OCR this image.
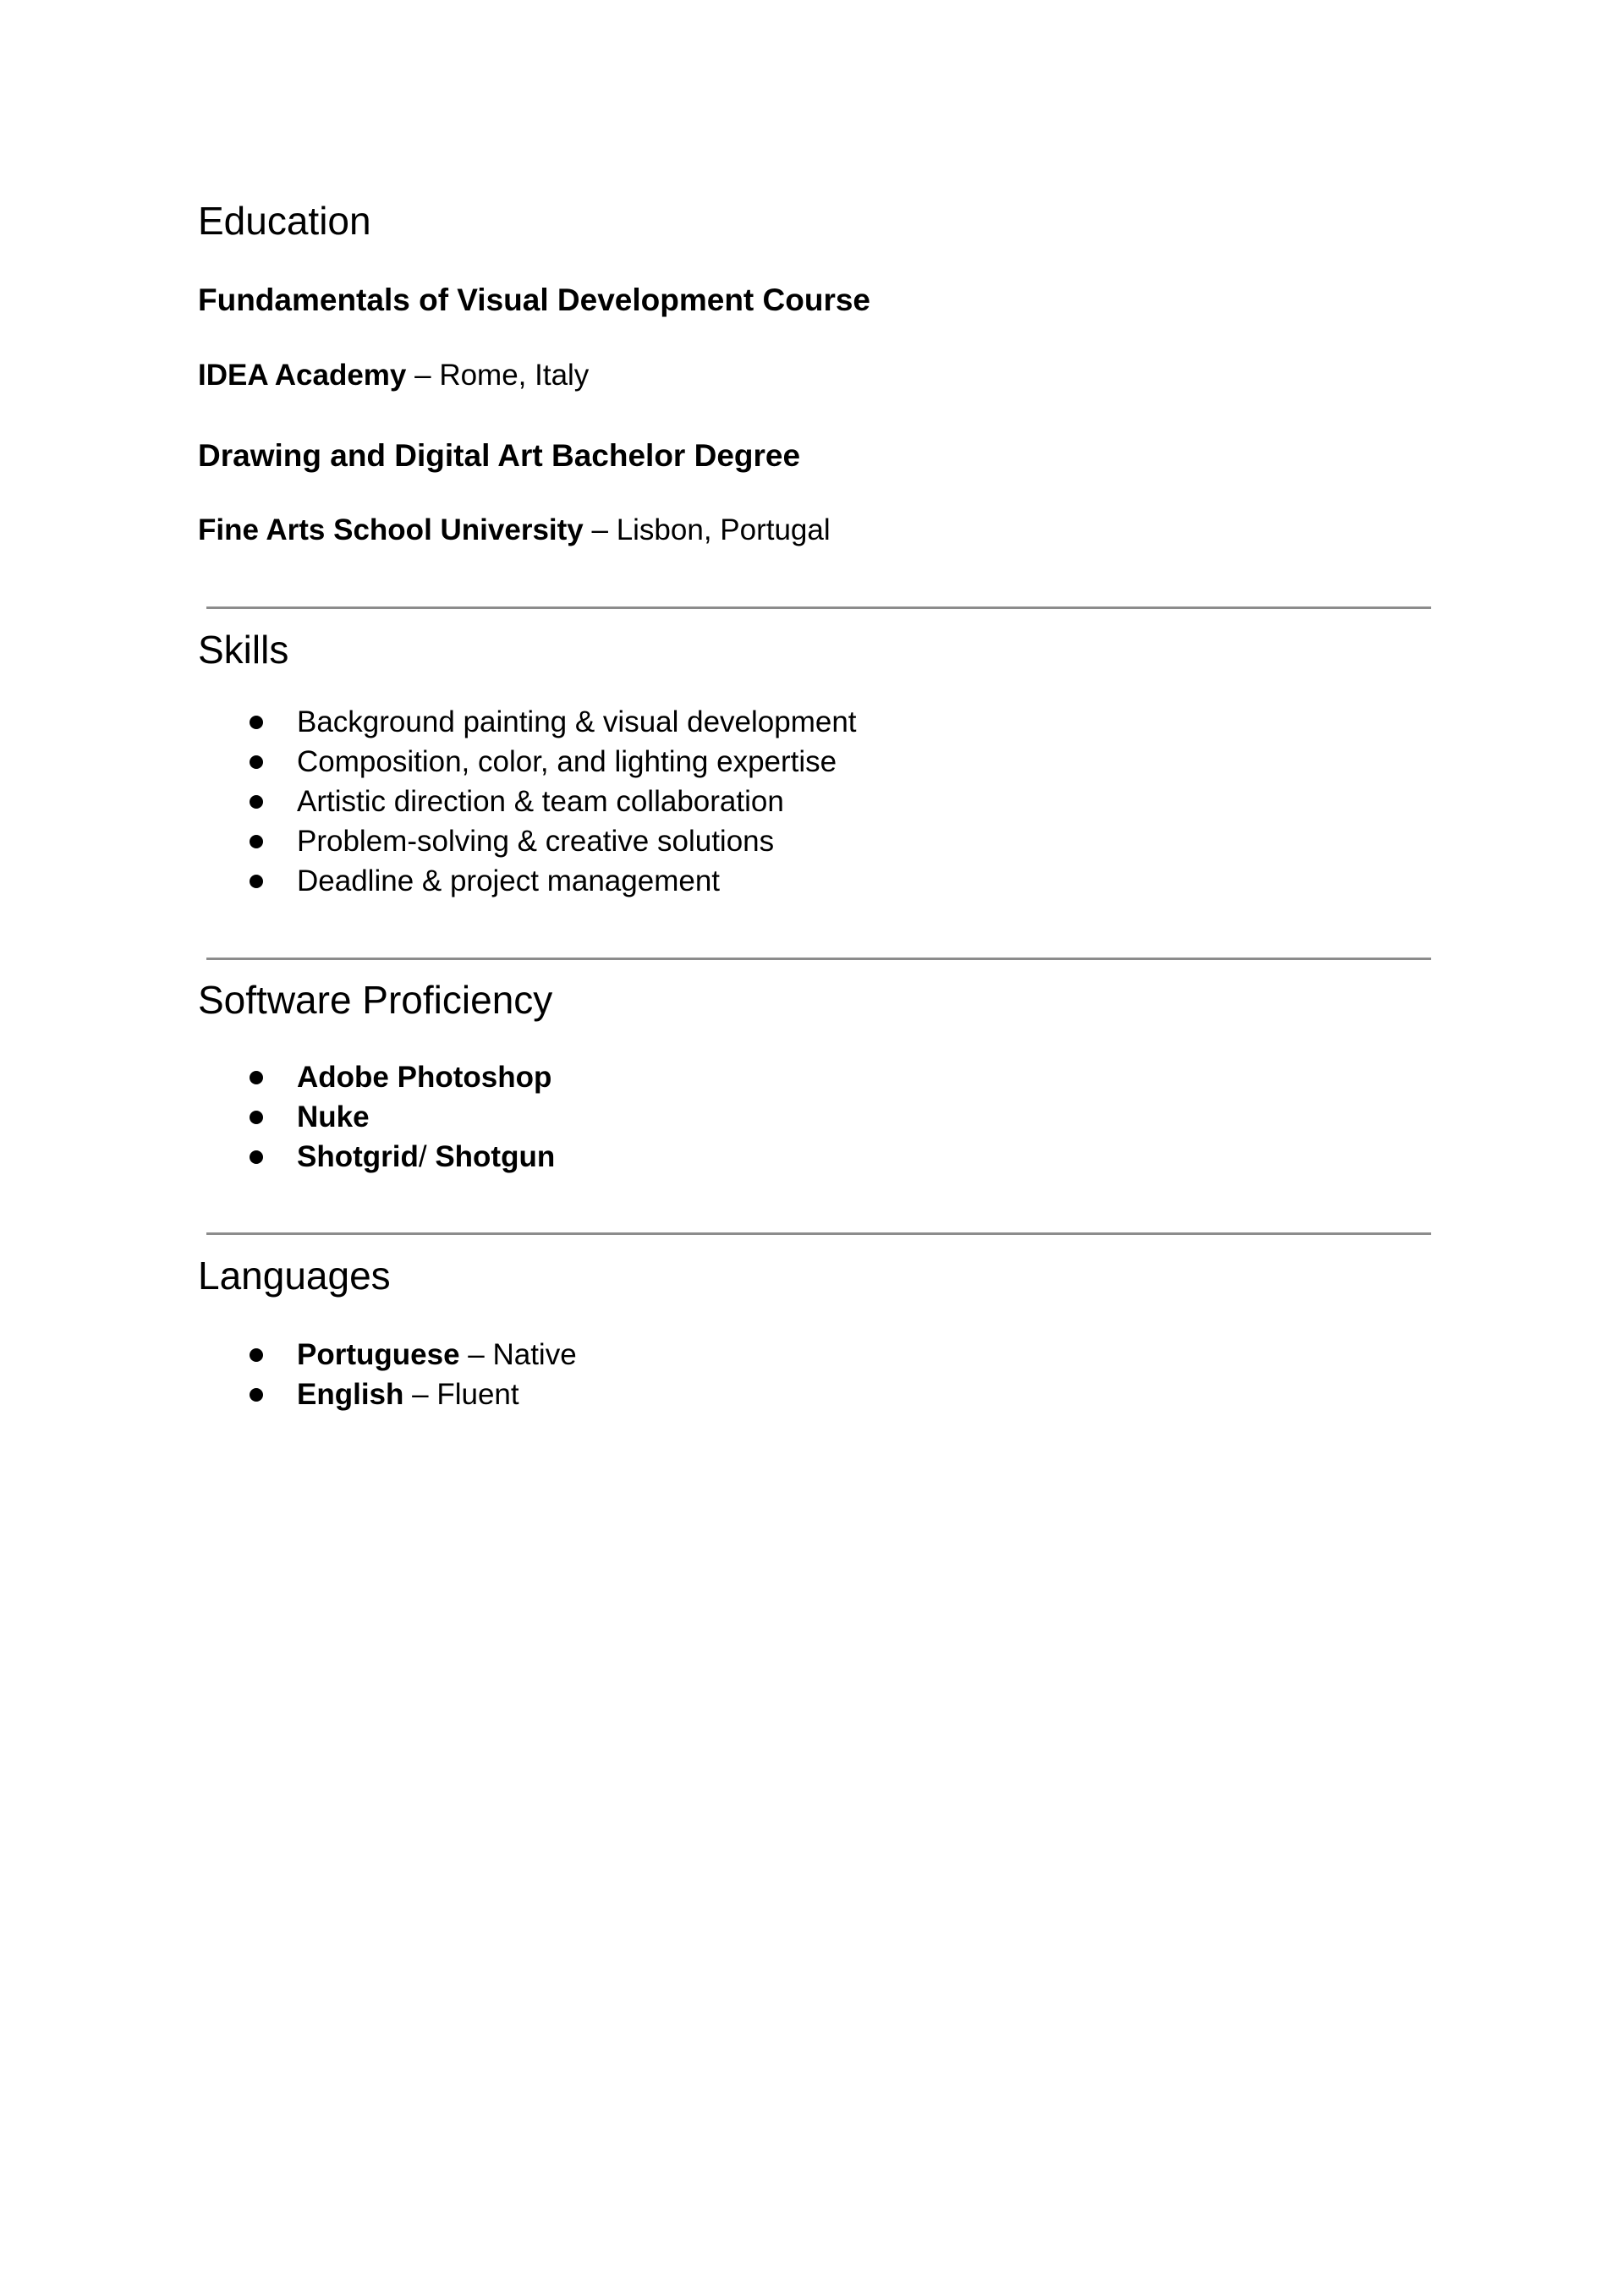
Education
Fundamentals of Visual Development Course
IDEA Academy – Rome, Italy
Drawing and Digital Art Bachelor Degree
Fine Arts School University – Lisbon, Portugal
Skills
Background painting & visual development
Composition, color, and lighting expertise
Artistic direction & team collaboration
Problem-solving & creative solutions
Deadline & project management
Software Proficiency
Adobe Photoshop
Nuke
Shotgrid/ Shotgun
Languages
Portuguese – Native
English – Fluent
